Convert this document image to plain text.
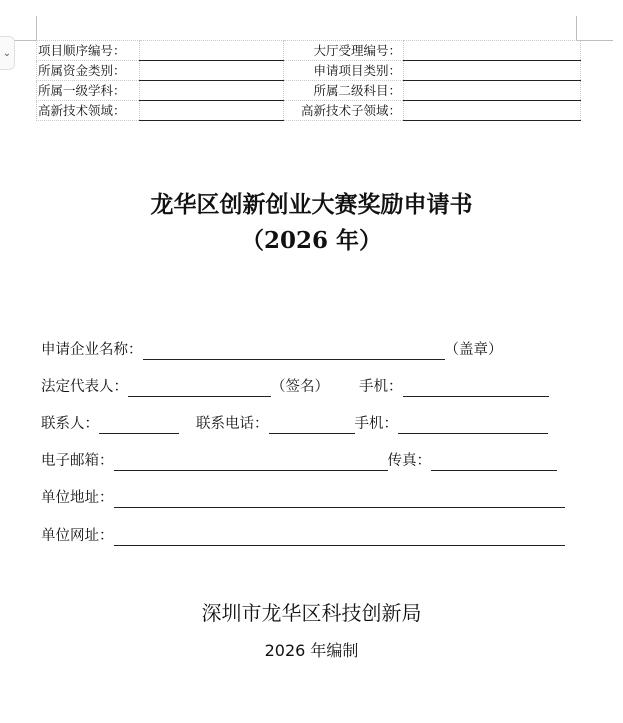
⌄ 项目顺序编号：		大厅受理编号：	
所属资金类别：		申请项目类别：	
所属一级学科：		所属二级科目：	
高新技术领域：		高新技术子领域：	
龙华区创新创业大赛奖励申请书
（2026 年）
申请企业名称：	（盖章）
法定代表人：	（签名） 手机：
联系人：	联系电话：	手机：
电子邮箱：	传真：
单位地址：
单位网址：
深圳市龙华区科技创新局
2026 年编制
